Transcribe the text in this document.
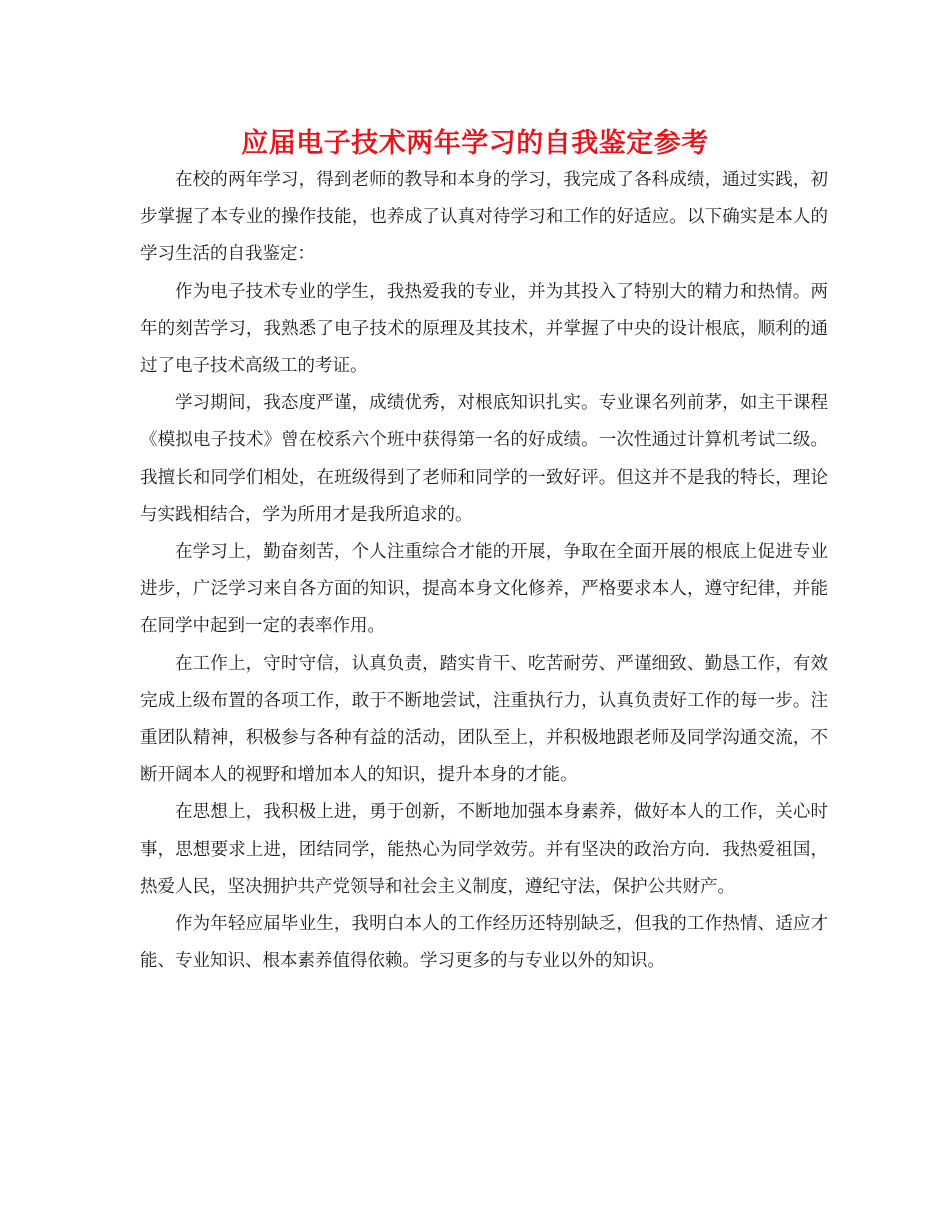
应届电子技术两年学习的自我鉴定参考

在校的两年学习，得到老师的教导和本身的学习，我完成了各科成绩，通过实践，初步掌握了本专业的操作技能，也养成了认真对待学习和工作的好适应。以下确实是本人的学习生活的自我鉴定：

作为电子技术专业的学生，我热爱我的专业，并为其投入了特别大的精力和热情。两年的刻苦学习，我熟悉了电子技术的原理及其技术，并掌握了中央的设计根底，顺利的通过了电子技术高级工的考证。

学习期间，我态度严谨，成绩优秀，对根底知识扎实。专业课名列前茅，如主干课程《模拟电子技术》曾在校系六个班中获得第一名的好成绩。一次性通过计算机考试二级。我擅长和同学们相处，在班级得到了老师和同学的一致好评。但这并不是我的特长，理论与实践相结合，学为所用才是我所追求的。

在学习上，勤奋刻苦，个人注重综合才能的开展，争取在全面开展的根底上促进专业进步，广泛学习来自各方面的知识，提高本身文化修养，严格要求本人，遵守纪律，并能在同学中起到一定的表率作用。

在工作上，守时守信，认真负责，踏实肯干、吃苦耐劳、严谨细致、勤恳工作，有效完成上级布置的各项工作，敢于不断地尝试，注重执行力，认真负责好工作的每一步。注重团队精神，积极参与各种有益的活动，团队至上，并积极地跟老师及同学沟通交流，不断开阔本人的视野和增加本人的知识，提升本身的才能。

在思想上，我积极上进，勇于创新，不断地加强本身素养，做好本人的工作，关心时事，思想要求上进，团结同学，能热心为同学效劳。并有坚决的政治方向．我热爱祖国，热爱人民，坚决拥护共产党领导和社会主义制度，遵纪守法，保护公共财产。

作为年轻应届毕业生，我明白本人的工作经历还特别缺乏，但我的工作热情、适应才能、专业知识、根本素养值得依赖。学习更多的与专业以外的知识。
